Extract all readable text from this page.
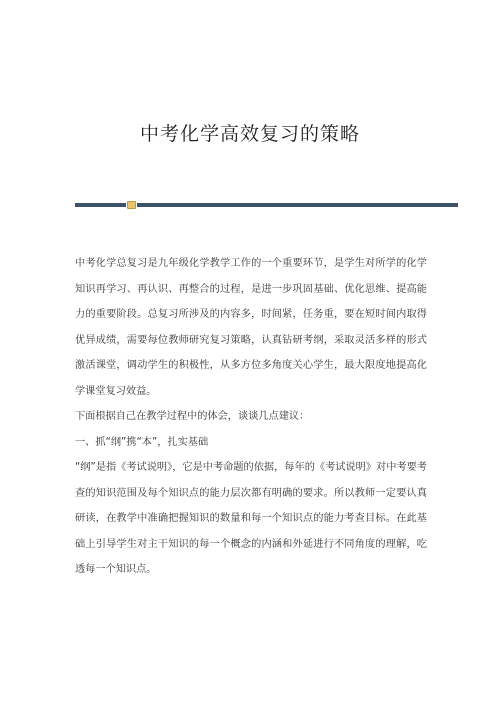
中考化学高效复习的策略

中考化学总复习是九年级化学教学工作的一个重要环节，是学生对所学的化学知识再学习、再认识、再整合的过程，是进一步巩固基础、优化思维、提高能力的重要阶段。总复习所涉及的内容多，时间紧，任务重，要在短时间内取得优异成绩，需要每位教师研究复习策略，认真钻研考纲，采取灵活多样的形式激活课堂，调动学生的积极性，从多方位多角度关心学生，最大限度地提高化学课堂复习效益。

下面根据自己在教学过程中的体会，谈谈几点建议：

一、抓“纲”携“本”，扎实基础

“纲”是指《考试说明》，它是中考命题的依据，每年的《考试说明》对中考要考查的知识范围及每个知识点的能力层次都有明确的要求。所以教师一定要认真研读，在教学中准确把握知识的数量和每一个知识点的能力考查目标。在此基础上引导学生对主干知识的每一个概念的内涵和外延进行不同角度的理解，吃透每一个知识点。
